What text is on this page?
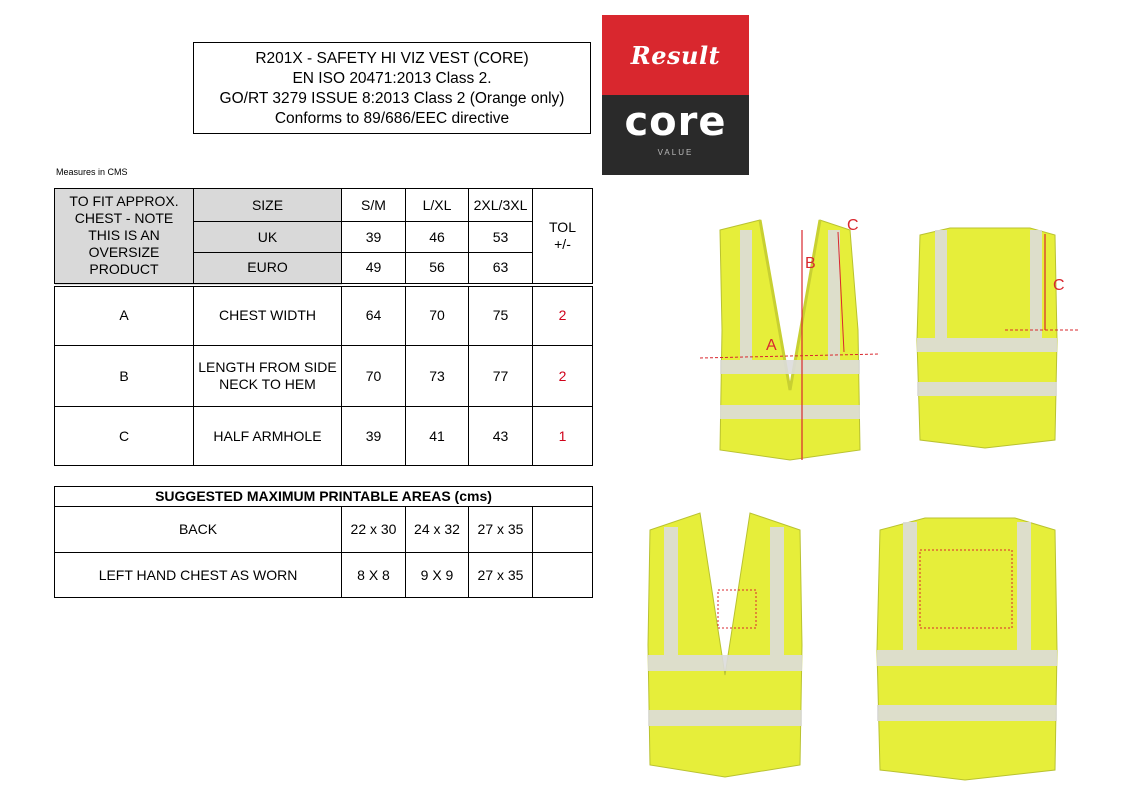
R201X - SAFETY HI VIZ VEST (CORE)
EN ISO 20471:2013 Class 2.
GO/RT 3279 ISSUE 8:2013 Class 2 (Orange only)
Conforms to 89/686/EEC directive
Result
core
VALUE
Measures in CMS
TO FIT APPROX. CHEST - NOTE THIS IS AN OVERSIZE PRODUCT	SIZE	S/M	L/XL	2XL/3XL	TOL +/-
	UK	39	46	53	
	EURO	49	56	63	
A	CHEST WIDTH	64	70	75	2
B	LENGTH FROM SIDE NECK TO HEM	70	73	77	2
C	HALF ARMHOLE	39	41	43	1
SUGGESTED MAXIMUM PRINTABLE AREAS (cms)				
BACK	22 x 30	24 x 32	27 x 35	
LEFT HAND CHEST AS WORN	8 X 8	9 X 9	27 x 35	
B
A
C
C
